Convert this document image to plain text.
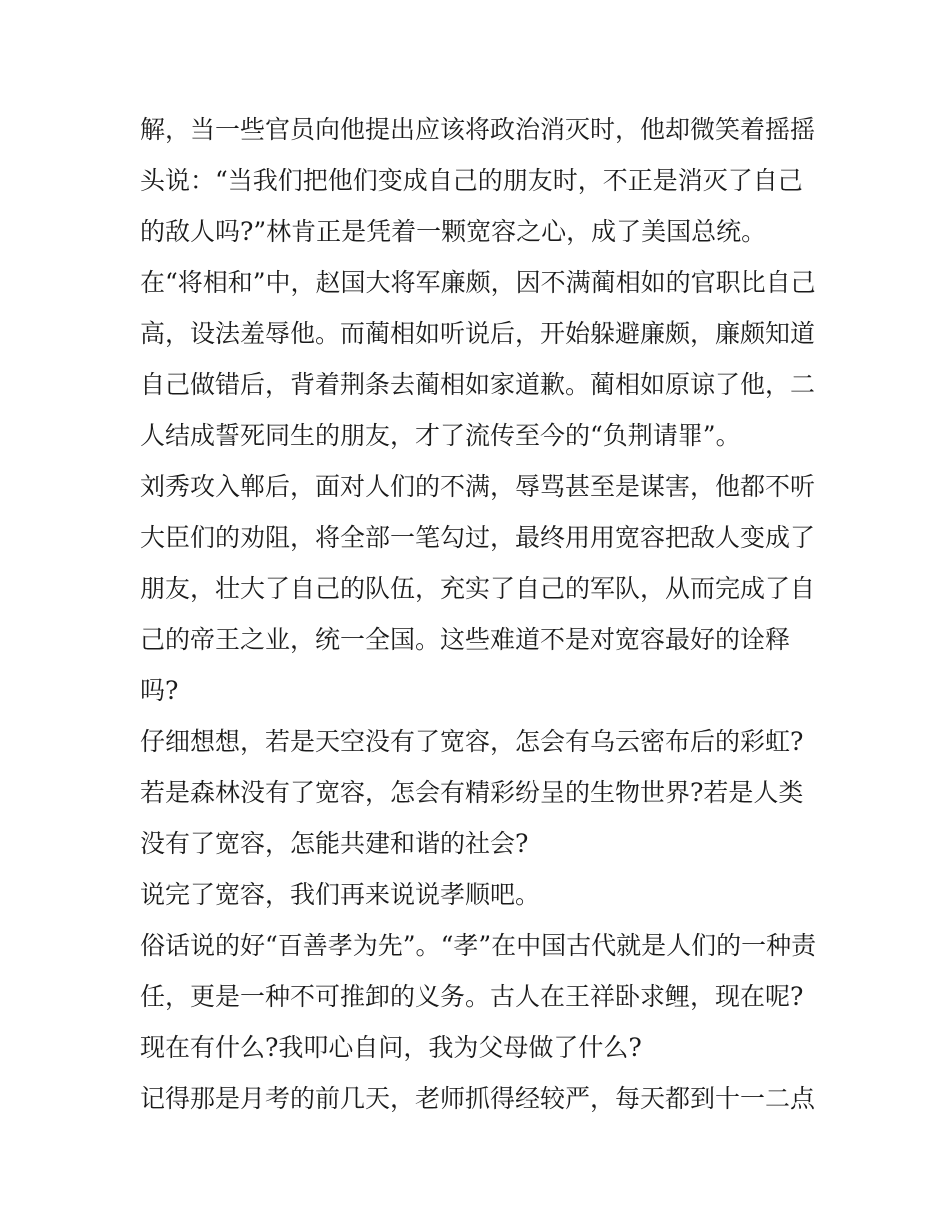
解，当一些官员向他提出应该将政治消灭时，他却微笑着摇摇
头说：“当我们把他们变成自己的朋友时，不正是消灭了自己
的敌人吗?”林肯正是凭着一颗宽容之心，成了美国总统。
在“将相和”中，赵国大将军廉颇，因不满蔺相如的官职比自己
高，设法羞辱他。而蔺相如听说后，开始躲避廉颇，廉颇知道
自己做错后，背着荆条去蔺相如家道歉。蔺相如原谅了他，二
人结成誓死同生的朋友，才了流传至今的“负荆请罪”。
刘秀攻入郸后，面对人们的不满，辱骂甚至是谋害，他都不听
大臣们的劝阻，将全部一笔勾过，最终用用宽容把敌人变成了
朋友，壮大了自己的队伍，充实了自己的军队，从而完成了自
己的帝王之业，统一全国。这些难道不是对宽容最好的诠释
吗?
仔细想想，若是天空没有了宽容，怎会有乌云密布后的彩虹?
若是森林没有了宽容，怎会有精彩纷呈的生物世界?若是人类
没有了宽容，怎能共建和谐的社会?
说完了宽容，我们再来说说孝顺吧。
俗话说的好“百善孝为先”。“孝”在中国古代就是人们的一种责
任，更是一种不可推卸的义务。古人在王祥卧求鲤，现在呢?
现在有什么?我叩心自问，我为父母做了什么?
记得那是月考的前几天，老师抓得经较严，每天都到十一二点
